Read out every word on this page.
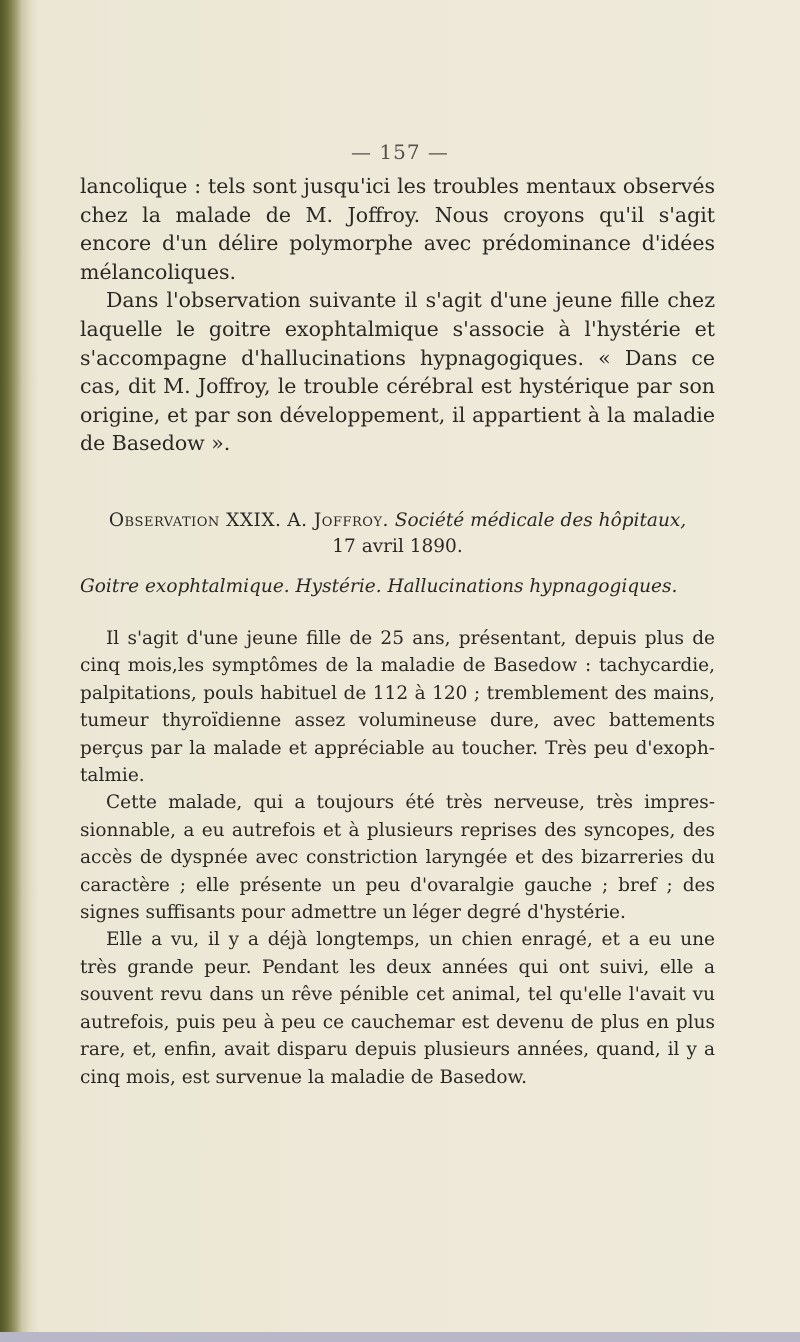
— 157 —

lancolique : tels sont jusqu'ici les troubles mentaux observés chez la malade de M. Joffroy. Nous croyons qu'il s'agit encore d'un délire polymorphe avec prédominance d'idées mélancoliques.

Dans l'observation suivante il s'agit d'une jeune fille chez laquelle le goitre exophtalmique s'associe à l'hystérie et s'accompagne d'hallucinations hypnagogiques. « Dans ce cas, dit M. Joffroy, le trouble cérébral est hystérique par son origine, et par son développement, il appartient à la maladie de Basedow ».

Observation XXIX. A. Joffroy. Société médicale des hôpitaux,
17 avril 1890.
Goitre exophtalmique. Hystérie. Hallucinations hypnagogiques.

Il s'agit d'une jeune fille de 25 ans, présentant, depuis plus de cinq mois,les symptômes de la maladie de Basedow : tachycardie, palpitations, pouls habituel de 112 à 120 ; tremblement des mains, tumeur thyroïdienne assez volumineuse dure, avec battements perçus par la malade et appréciable au toucher. Très peu d'exophtalmie.

Cette malade, qui a toujours été très nerveuse, très impressionnable, a eu autrefois et à plusieurs reprises des syncopes, des accès de dyspnée avec constriction laryngée et des bizarreries du caractère ; elle présente un peu d'ovaralgie gauche ; bref ; des signes suffisants pour admettre un léger degré d'hystérie.

Elle a vu, il y a déjà longtemps, un chien enragé, et a eu une très grande peur. Pendant les deux années qui ont suivi, elle a souvent revu dans un rêve pénible cet animal, tel qu'elle l'avait vu autrefois, puis peu à peu ce cauchemar est devenu de plus en plus rare, et, enfin, avait disparu depuis plusieurs années, quand, il y a cinq mois, est survenue la maladie de Basedow.
